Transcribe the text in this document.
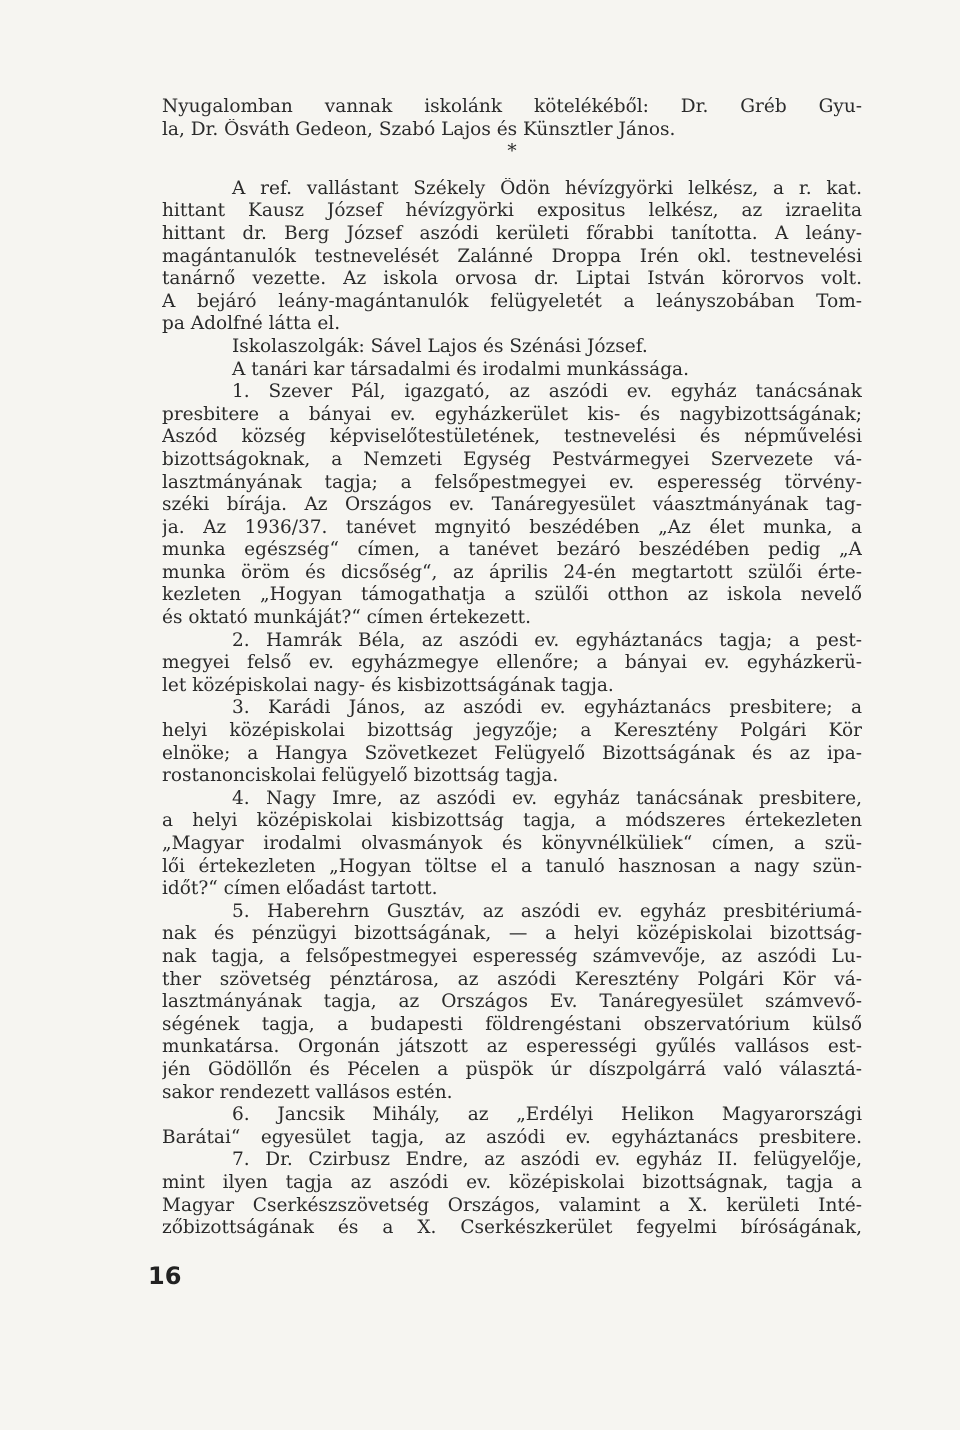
Nyugalomban vannak iskolánk kötelékéből: Dr. Gréb Gyu-
la, Dr. Ösváth Gedeon, Szabó Lajos és Künsztler János.
*
A ref. vallástant Székely Ödön hévízgyörki lelkész, a r. kat.
hittant Kausz József hévízgyörki expositus lelkész, az izraelita
hittant dr. Berg József aszódi kerületi főrabbi tanította. A leány-
magántanulók testnevelését Zalánné Droppa Irén okl. testnevelési
tanárnő vezette. Az iskola orvosa dr. Liptai István körorvos volt.
A bejáró leány-magántanulók felügyeletét a leányszobában Tom-
pa Adolfné látta el.
Iskolaszolgák: Sável Lajos és Szénási József.
A tanári kar társadalmi és irodalmi munkássága.
1. Szever Pál, igazgató, az aszódi ev. egyház tanácsának
presbitere a bányai ev. egyházkerület kis- és nagybizottságának;
Aszód község képviselőtestületének, testnevelési és népművelési
bizottságoknak, a Nemzeti Egység Pestvármegyei Szervezete vá-
lasztmányának tagja; a felsőpestmegyei ev. esperesség törvény-
széki bírája. Az Országos ev. Tanáregyesület váasztmányának tag-
ja. Az 1936/37. tanévet mgnyitó beszédében „Az élet munka, a
munka egészség“ címen, a tanévet bezáró beszédében pedig „A
munka öröm és dicsőség“, az április 24-én megtartott szülői érte-
kezleten „Hogyan támogathatja a szülői otthon az iskola nevelő
és oktató munkáját?“ címen értekezett.
2. Hamrák Béla, az aszódi ev. egyháztanács tagja; a pest-
megyei felső ev. egyházmegye ellenőre; a bányai ev. egyházkerü-
let középiskolai nagy- és kisbizottságának tagja.
3. Karádi János, az aszódi ev. egyháztanács presbitere; a
helyi középiskolai bizottság jegyzője; a Keresztény Polgári Kör
elnöke; a Hangya Szövetkezet Felügyelő Bizottságának és az ipa-
rostanonciskolai felügyelő bizottság tagja.
4. Nagy Imre, az aszódi ev. egyház tanácsának presbitere,
a helyi középiskolai kisbizottság tagja, a módszeres értekezleten
„Magyar irodalmi olvasmányok és könyvnélküliek“ címen, a szü-
lői értekezleten „Hogyan töltse el a tanuló hasznosan a nagy szün-
időt?“ címen előadást tartott.
5. Haberehrn Gusztáv, az aszódi ev. egyház presbitériumá-
nak és pénzügyi bizottságának, — a helyi középiskolai bizottság-
nak tagja, a felsőpestmegyei esperesség számvevője, az aszódi Lu-
ther szövetség pénztárosa, az aszódi Keresztény Polgári Kör vá-
lasztmányának tagja, az Országos Ev. Tanáregyesület számvevő-
ségének tagja, a budapesti földrengéstani obszervatórium külső
munkatársa. Orgonán játszott az esperességi gyűlés vallásos est-
jén Gödöllőn és Pécelen a püspök úr díszpolgárrá való választá-
sakor rendezett vallásos estén.
6. Jancsik Mihály, az „Erdélyi Helikon Magyarországi
Barátai“ egyesület tagja, az aszódi ev. egyháztanács presbitere.
7. Dr. Czirbusz Endre, az aszódi ev. egyház II. felügyelője,
mint ilyen tagja az aszódi ev. középiskolai bizottságnak, tagja a
Magyar Cserkészszövetség Országos, valamint a X. kerületi Inté-
zőbizottságának és a X. Cserkészkerület fegyelmi bíróságának,
16
